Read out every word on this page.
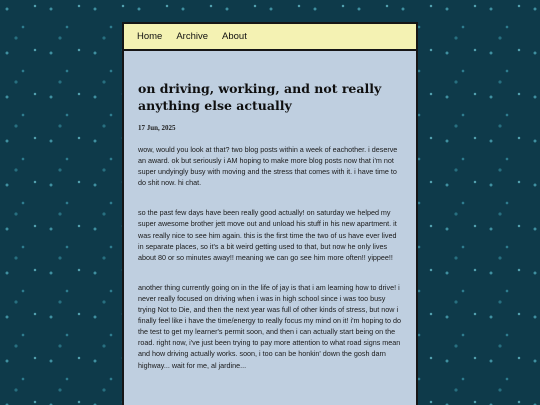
Home Archive About
on driving, working, and not really anything else actually
17 Jun, 2025

wow, would you look at that? two blog posts within a week of eachother. i deserve an award. ok but seriously i AM hoping to make more blog posts now that i'm not super undyingly busy with moving and the stress that comes with it. i have time to do shit now. hi chat.

so the past few days have been really good actually! on saturday we helped my super awesome brother jett move out and unload his stuff in his new apartment. it was really nice to see him again. this is the first time the two of us have ever lived in separate places, so it's a bit weird getting used to that, but now he only lives about 80 or so minutes away!! meaning we can go see him more often!! yippee!!

another thing currently going on in the life of jay is that i am learning how to drive! i never really focused on driving when i was in high school since i was too busy trying Not to Die, and then the next year was full of other kinds of stress, but now i finally feel like i have the time/energy to really focus my mind on it! i'm hoping to do the test to get my learner's permit soon, and then i can actually start being on the road. right now, i've just been trying to pay more attention to what road signs mean and how driving actually works. soon, i too can be honkin' down the gosh darn highway... wait for me, al jardine...
